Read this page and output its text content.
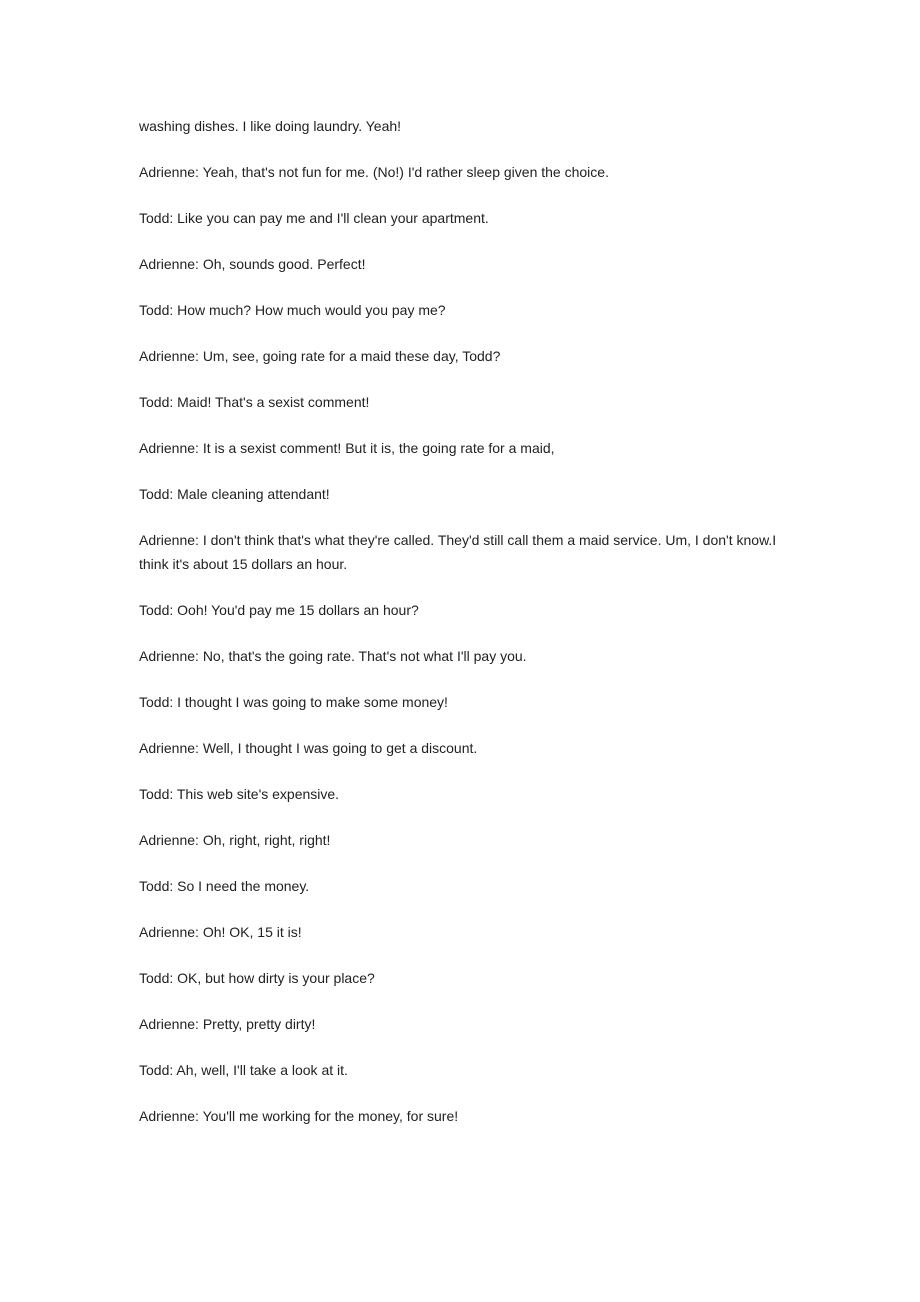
washing dishes. I like doing laundry. Yeah!

Adrienne: Yeah, that's not fun for me. (No!) I'd rather sleep given the choice.

Todd: Like you can pay me and I'll clean your apartment.

Adrienne: Oh, sounds good. Perfect!

Todd: How much? How much would you pay me?

Adrienne: Um, see, going rate for a maid these day, Todd?

Todd: Maid! That's a sexist comment!

Adrienne: It is a sexist comment! But it is, the going rate for a maid,

Todd: Male cleaning attendant!

Adrienne: I don't think that's what they're called. They'd still call them a maid service. Um, I don't know.I think it's about 15 dollars an hour.

Todd: Ooh! You'd pay me 15 dollars an hour?

Adrienne: No, that's the going rate. That's not what I'll pay you.

Todd: I thought I was going to make some money!

Adrienne: Well, I thought I was going to get a discount.

Todd: This web site's expensive.

Adrienne: Oh, right, right, right!

Todd: So I need the money.

Adrienne: Oh! OK, 15 it is!

Todd: OK, but how dirty is your place?

Adrienne: Pretty, pretty dirty!

Todd: Ah, well, I'll take a look at it.

Adrienne: You'll me working for the money, for sure!
